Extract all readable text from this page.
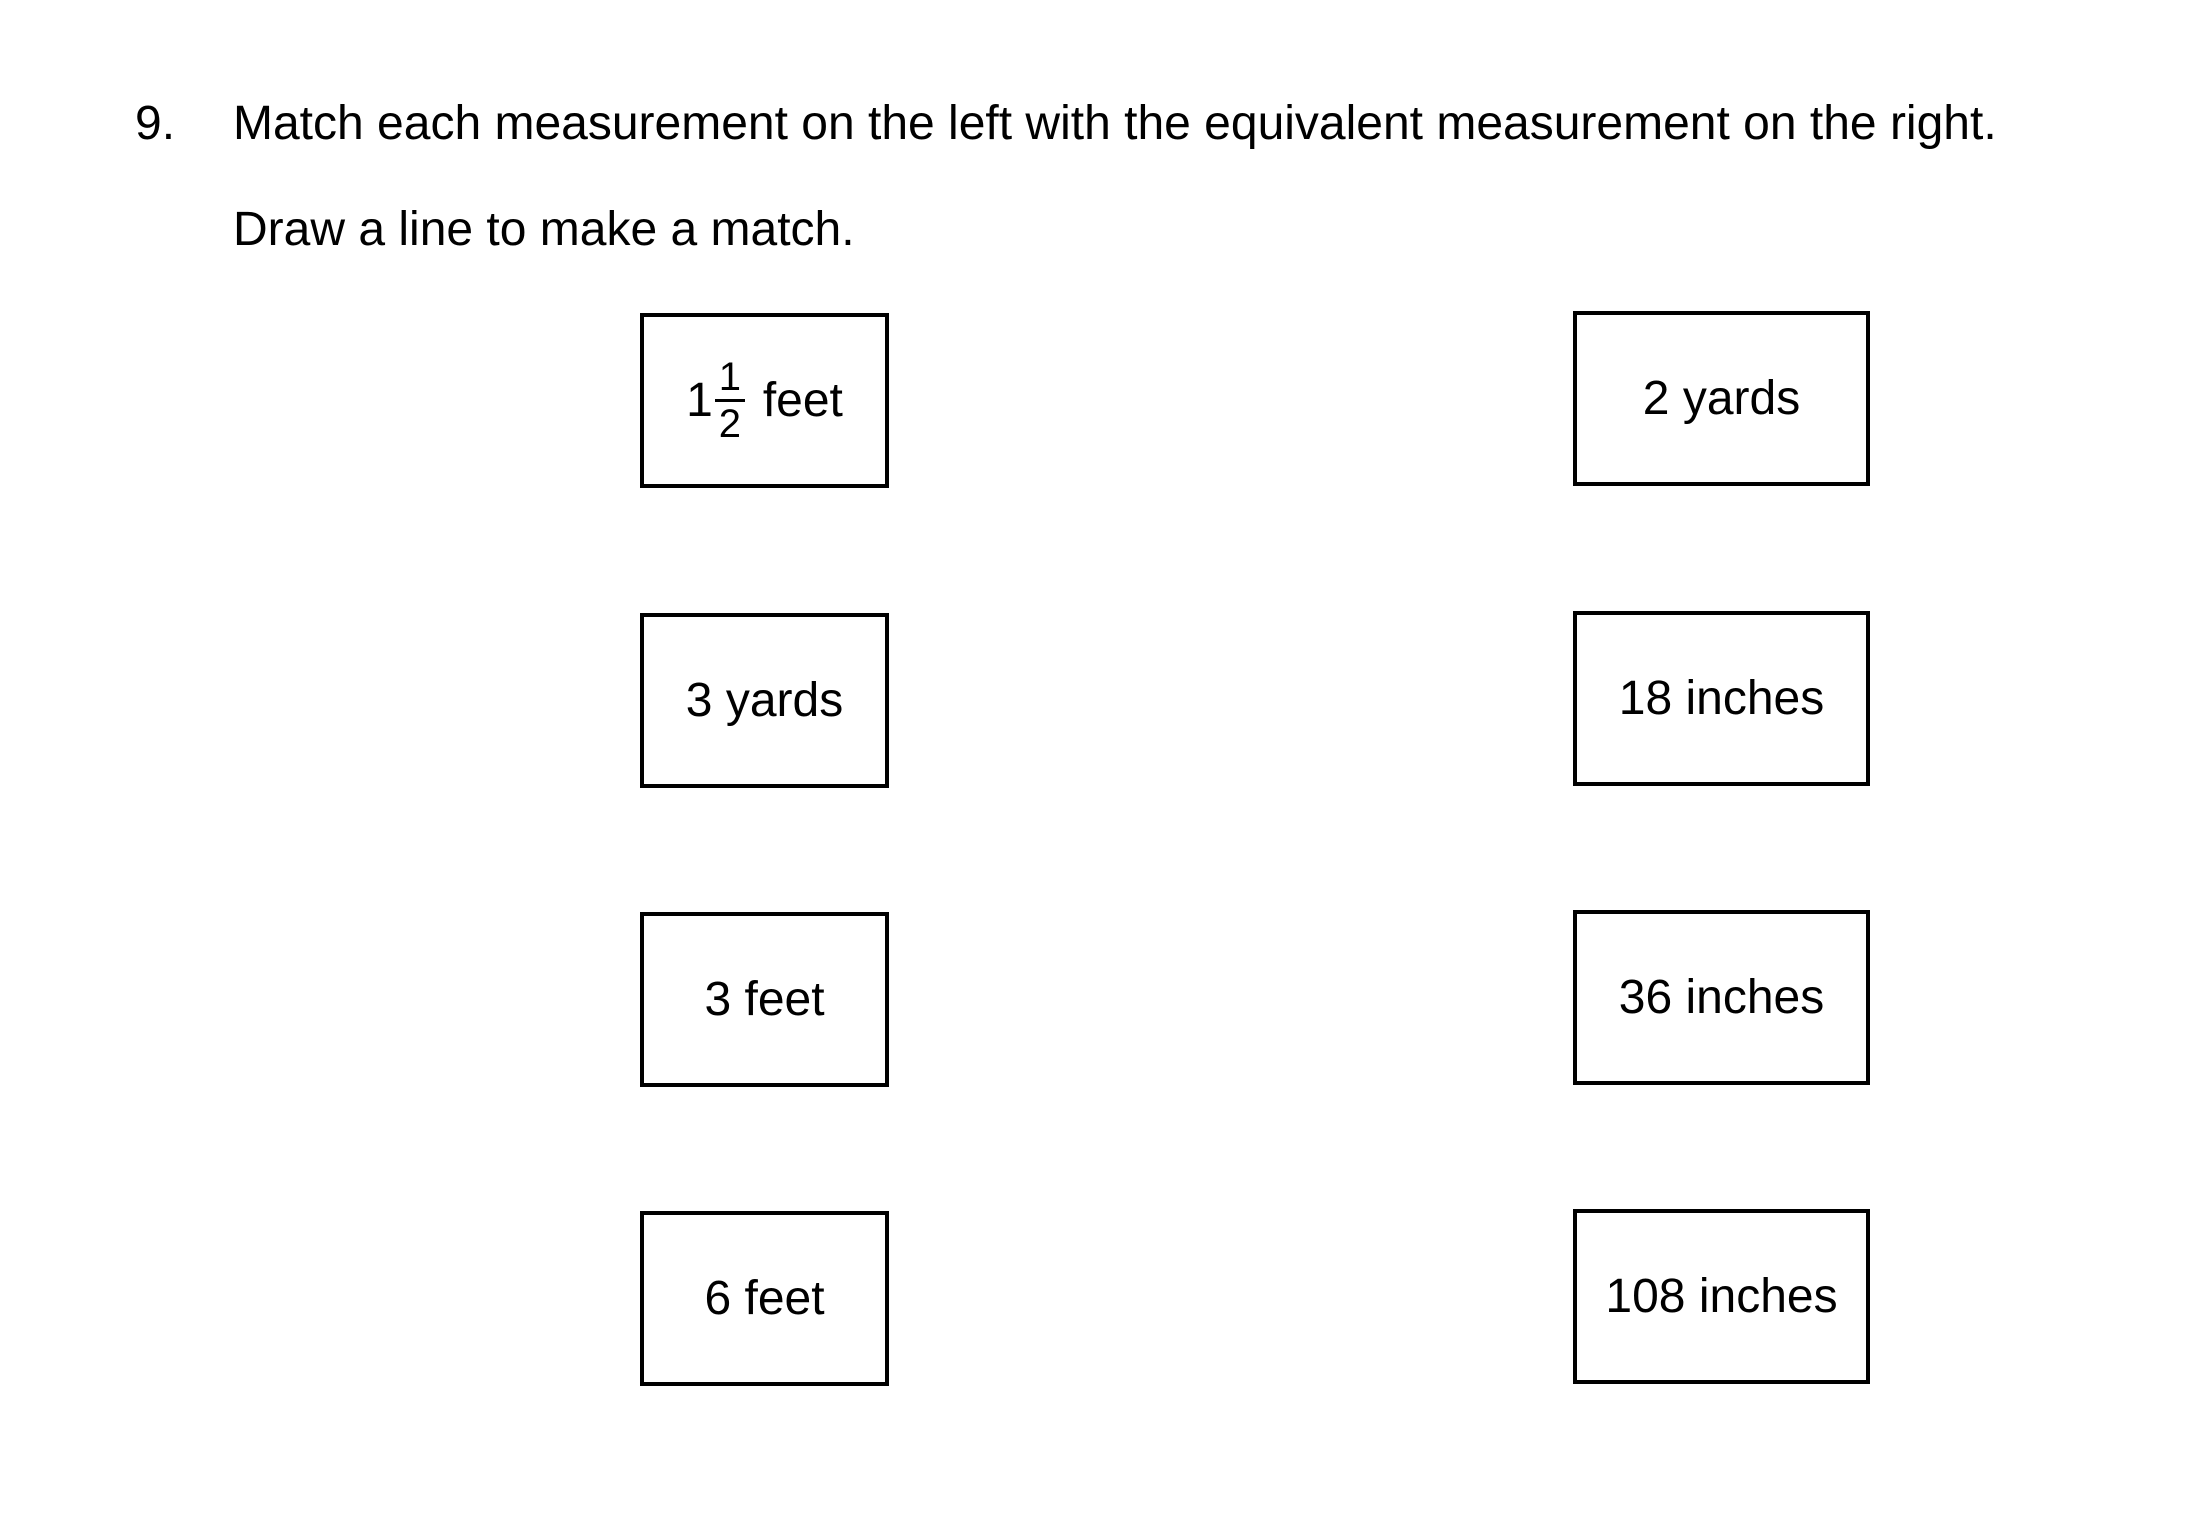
9. Match each measurement on the left with the equivalent measurement on the right.
Draw a line to make a match.
$1 \frac{1}{2}$ feet
3 yards
3 feet
6 feet
2 yards
18 inches
36 inches
108 inches
